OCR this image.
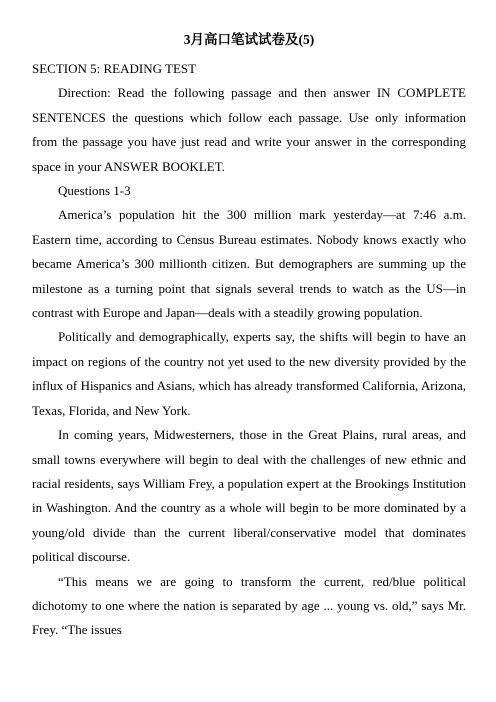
3月高口笔试试卷及(5)
SECTION 5: READING TEST

Direction: Read the following passage and then answer IN COMPLETE SENTENCES the questions which follow each passage. Use only information from the passage you have just read and write your answer in the corresponding space in your ANSWER BOOKLET.

Questions 1-3

America’s population hit the 300 million mark yesterday—at 7:46 a.m. Eastern time, according to Census Bureau estimates. Nobody knows exactly who became America’s 300 millionth citizen. But demographers are summing up the milestone as a turning point that signals several trends to watch as the US—in contrast with Europe and Japan—deals with a steadily growing population.

Politically and demographically, experts say, the shifts will begin to have an impact on regions of the country not yet used to the new diversity provided by the influx of Hispanics and Asians, which has already transformed California, Arizona, Texas, Florida, and New York.

In coming years, Midwesterners, those in the Great Plains, rural areas, and small towns everywhere will begin to deal with the challenges of new ethnic and racial residents, says William Frey, a population expert at the Brookings Institution in Washington. And the country as a whole will begin to be more dominated by a young/old divide than the current liberal/conservative model that dominates political discourse.

“This means we are going to transform the current, red/blue political dichotomy to one where the nation is separated by age ... young vs. old,” says Mr. Frey. “The issues
